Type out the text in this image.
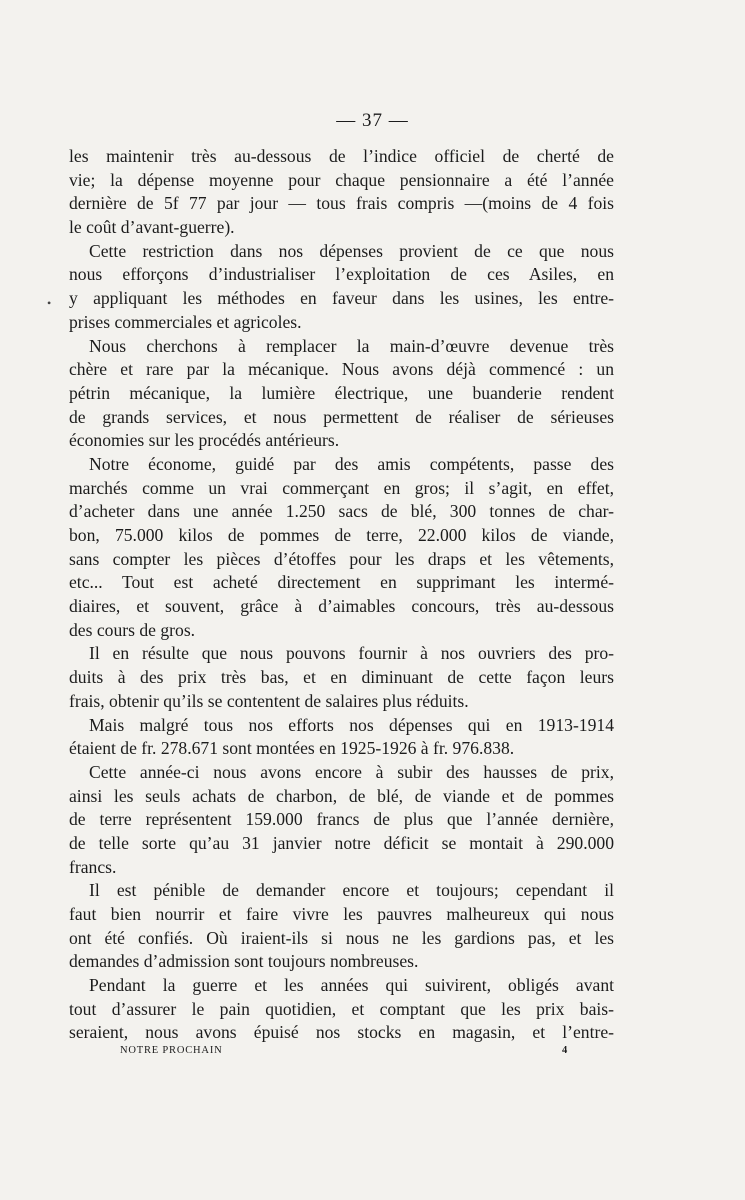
— 37 —
•
les maintenir très au-dessous de l’indice officiel de cherté de
vie; la dépense moyenne pour chaque pensionnaire a été l’année
dernière de 5f 77 par jour — tous frais compris —(moins de 4 fois
le coût d’avant-guerre).
Cette restriction dans nos dépenses provient de ce que nous
nous efforçons d’industrialiser l’exploitation de ces Asiles, en
y appliquant les méthodes en faveur dans les usines, les entre-
prises commerciales et agricoles.
Nous cherchons à remplacer la main-d’œuvre devenue très
chère et rare par la mécanique. Nous avons déjà commencé : un
pétrin mécanique, la lumière électrique, une buanderie rendent
de grands services, et nous permettent de réaliser de sérieuses
économies sur les procédés antérieurs.
Notre économe, guidé par des amis compétents, passe des
marchés comme un vrai commerçant en gros; il s’agit, en effet,
d’acheter dans une année 1.250 sacs de blé, 300 tonnes de char-
bon, 75.000 kilos de pommes de terre, 22.000 kilos de viande,
sans compter les pièces d’étoffes pour les draps et les vêtements,
etc... Tout est acheté directement en supprimant les intermé-
diaires, et souvent, grâce à d’aimables concours, très au-dessous
des cours de gros.
Il en résulte que nous pouvons fournir à nos ouvriers des pro-
duits à des prix très bas, et en diminuant de cette façon leurs
frais, obtenir qu’ils se contentent de salaires plus réduits.
Mais malgré tous nos efforts nos dépenses qui en 1913-1914
étaient de fr. 278.671 sont montées en 1925-1926 à fr. 976.838.
Cette année-ci nous avons encore à subir des hausses de prix,
ainsi les seuls achats de charbon, de blé, de viande et de pommes
de terre représentent 159.000 francs de plus que l’année dernière,
de telle sorte qu’au 31 janvier notre déficit se montait à 290.000
francs.
Il est pénible de demander encore et toujours; cependant il
faut bien nourrir et faire vivre les pauvres malheureux qui nous
ont été confiés. Où iraient-ils si nous ne les gardions pas, et les
demandes d’admission sont toujours nombreuses.
Pendant la guerre et les années qui suivirent, obligés avant
tout d’assurer le pain quotidien, et comptant que les prix bais-
seraient, nous avons épuisé nos stocks en magasin, et l’entre-
NOTRE PROCHAIN	4
